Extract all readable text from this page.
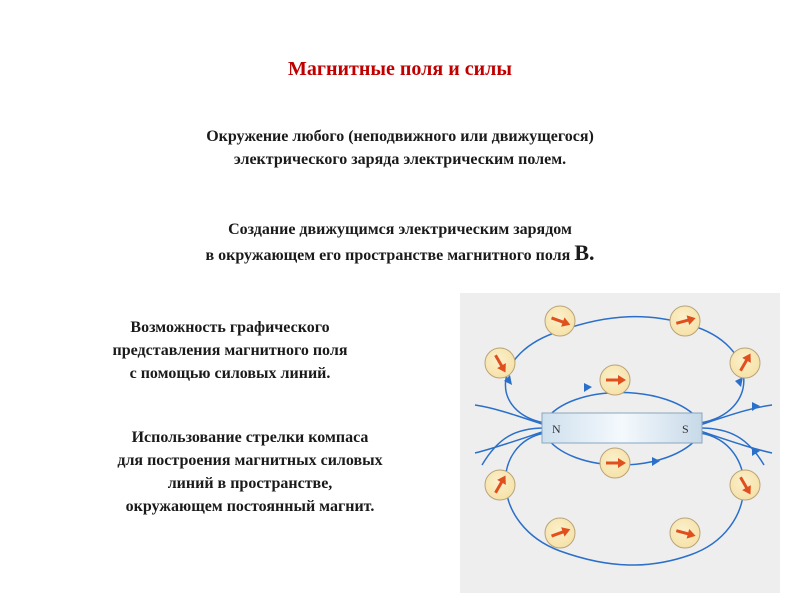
Магнитные поля и силы
Окружение любого (неподвижного или движущегося)
электрического заряда электрическим полем.
Создание движущимся электрическим зарядом
в окружающем его пространстве магнитного поля B.
Возможность графического
представления магнитного поля
с помощью силовых линий.
Использование стрелки компаса
для построения магнитных силовых
линий в пространстве,
окружающем постоянный магнит.
N	S
